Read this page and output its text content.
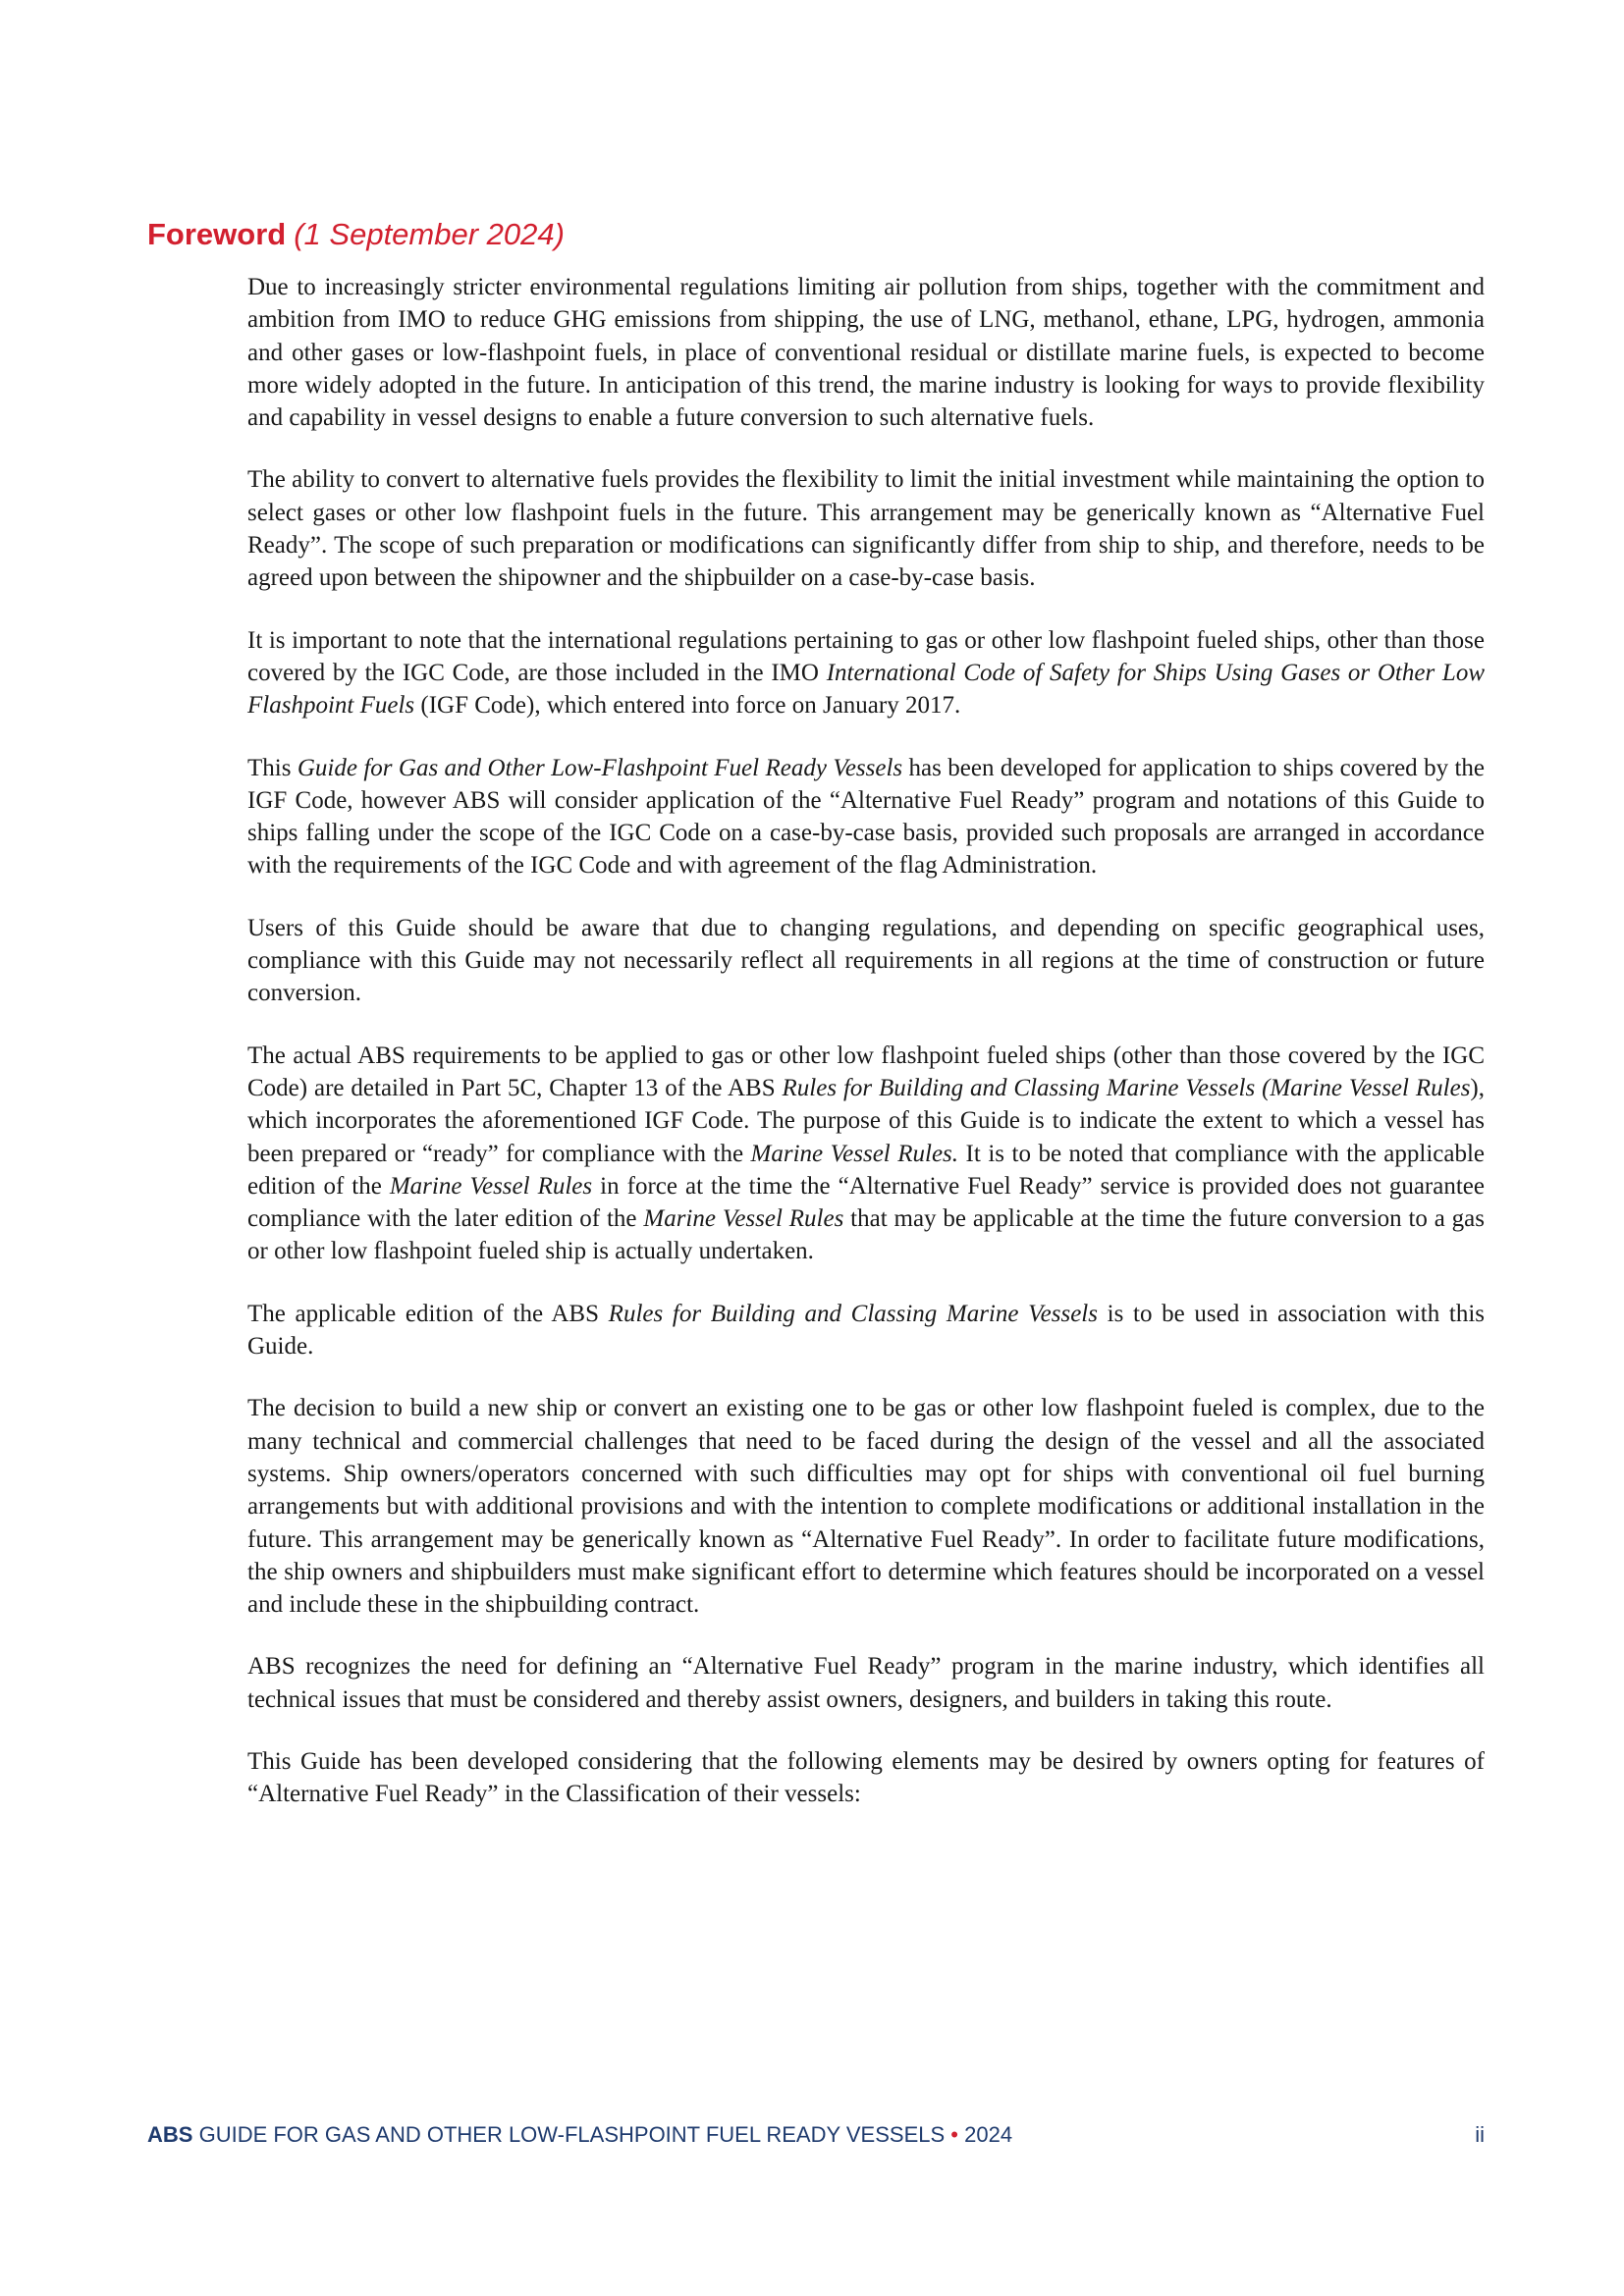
Foreword (1 September 2024)

Due to increasingly stricter environmental regulations limiting air pollution from ships, together with the commitment and ambition from IMO to reduce GHG emissions from shipping, the use of LNG, methanol, ethane, LPG, hydrogen, ammonia and other gases or low-flashpoint fuels, in place of conventional residual or distillate marine fuels, is expected to become more widely adopted in the future. In anticipation of this trend, the marine industry is looking for ways to provide flexibility and capability in vessel designs to enable a future conversion to such alternative fuels.

The ability to convert to alternative fuels provides the flexibility to limit the initial investment while maintaining the option to select gases or other low flashpoint fuels in the future. This arrangement may be generically known as “Alternative Fuel Ready”. The scope of such preparation or modifications can significantly differ from ship to ship, and therefore, needs to be agreed upon between the shipowner and the shipbuilder on a case-by-case basis.

It is important to note that the international regulations pertaining to gas or other low flashpoint fueled ships, other than those covered by the IGC Code, are those included in the IMO International Code of Safety for Ships Using Gases or Other Low Flashpoint Fuels (IGF Code), which entered into force on January 2017.

This Guide for Gas and Other Low-Flashpoint Fuel Ready Vessels has been developed for application to ships covered by the IGF Code, however ABS will consider application of the “Alternative Fuel Ready” program and notations of this Guide to ships falling under the scope of the IGC Code on a case-by-case basis, provided such proposals are arranged in accordance with the requirements of the IGC Code and with agreement of the flag Administration.

Users of this Guide should be aware that due to changing regulations, and depending on specific geographical uses, compliance with this Guide may not necessarily reflect all requirements in all regions at the time of construction or future conversion.

The actual ABS requirements to be applied to gas or other low flashpoint fueled ships (other than those covered by the IGC Code) are detailed in Part 5C, Chapter 13 of the ABS Rules for Building and Classing Marine Vessels (Marine Vessel Rules), which incorporates the aforementioned IGF Code. The purpose of this Guide is to indicate the extent to which a vessel has been prepared or “ready” for compliance with the Marine Vessel Rules. It is to be noted that compliance with the applicable edition of the Marine Vessel Rules in force at the time the “Alternative Fuel Ready” service is provided does not guarantee compliance with the later edition of the Marine Vessel Rules that may be applicable at the time the future conversion to a gas or other low flashpoint fueled ship is actually undertaken.

The applicable edition of the ABS Rules for Building and Classing Marine Vessels is to be used in association with this Guide.

The decision to build a new ship or convert an existing one to be gas or other low flashpoint fueled is complex, due to the many technical and commercial challenges that need to be faced during the design of the vessel and all the associated systems. Ship owners/operators concerned with such difficulties may opt for ships with conventional oil fuel burning arrangements but with additional provisions and with the intention to complete modifications or additional installation in the future. This arrangement may be generically known as “Alternative Fuel Ready”. In order to facilitate future modifications, the ship owners and shipbuilders must make significant effort to determine which features should be incorporated on a vessel and include these in the shipbuilding contract.

ABS recognizes the need for defining an “Alternative Fuel Ready” program in the marine industry, which identifies all technical issues that must be considered and thereby assist owners, designers, and builders in taking this route.

This Guide has been developed considering that the following elements may be desired by owners opting for features of “Alternative Fuel Ready” in the Classification of their vessels:

ABS GUIDE FOR GAS AND OTHER LOW-FLASHPOINT FUEL READY VESSELS • 2024	ii
